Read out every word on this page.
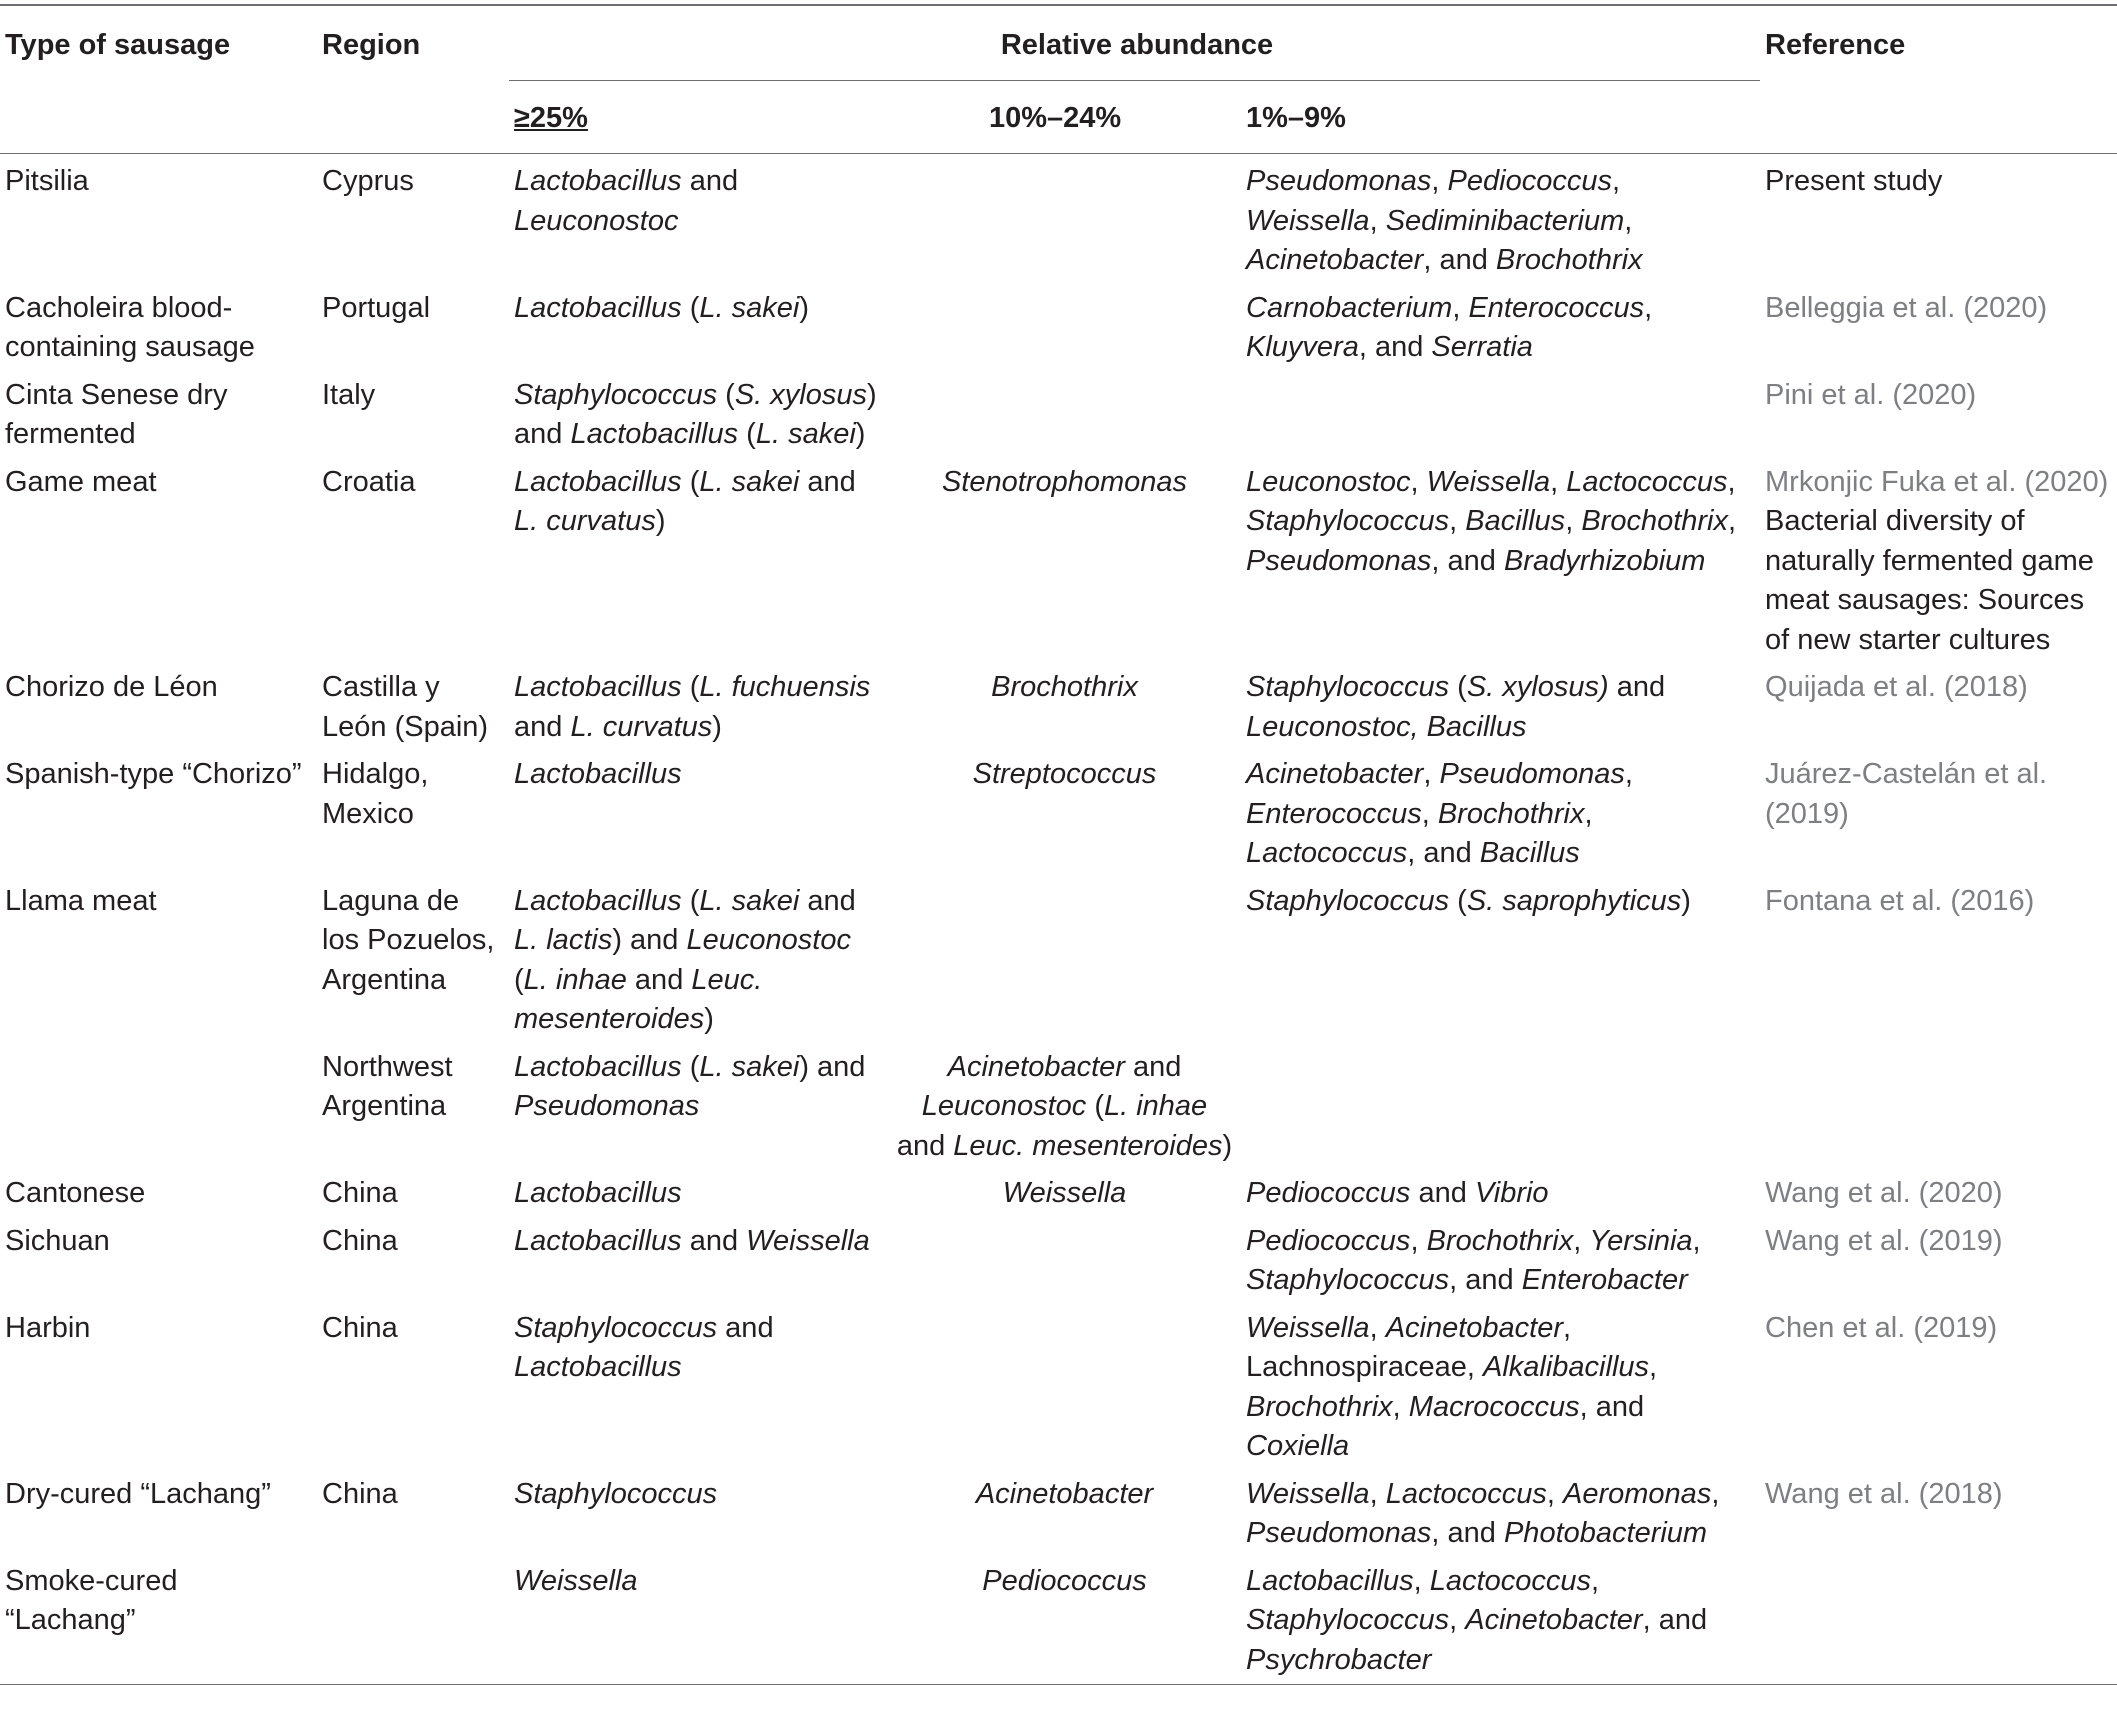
Type of sausage	Region	Relative abundance			Reference
		≥25%	10%–24%	1%–9%	
Pitsilia	Cyprus	Lactobacillus and Leuconostoc		Pseudomonas, Pediococcus, Weissella, Sediminibacterium, Acinetobacter, and Brochothrix	Present study
Cacholeira blood-containing sausage	Portugal	Lactobacillus (L. sakei)		Carnobacterium, Enterococcus, Kluyvera, and Serratia	Belleggia et al. (2020)
Cinta Senese dry fermented	Italy	Staphylococcus (S. xylosus) and Lactobacillus (L. sakei)			Pini et al. (2020)
Game meat	Croatia	Lactobacillus (L. sakei and L. curvatus)	Stenotrophomonas	Leuconostoc, Weissella, Lactococcus, Staphylococcus, Bacillus, Brochothrix, Pseudomonas, and Bradyrhizobium	Mrkonjic Fuka et al. (2020) Bacterial diversity of naturally fermented game meat sausages: Sources of new starter cultures
Chorizo de Léon	Castilla y León (Spain)	Lactobacillus (L. fuchuensis and L. curvatus)	Brochothrix	Staphylococcus (S. xylosus) and Leuconostoc, Bacillus	Quijada et al. (2018)
Spanish-type “Chorizo”	Hidalgo, Mexico	Lactobacillus	Streptococcus	Acinetobacter, Pseudomonas, Enterococcus, Brochothrix, Lactococcus, and Bacillus	Juárez-Castelán et al. (2019)
Llama meat	Laguna de los Pozuelos, Argentina	Lactobacillus (L. sakei and L. lactis) and Leuconostoc (L. inhae and Leuc. mesenteroides)		Staphylococcus (S. saprophyticus)	Fontana et al. (2016)
	Northwest Argentina	Lactobacillus (L. sakei) and Pseudomonas	Acinetobacter and Leuconostoc (L. inhae and Leuc. mesenteroides)		
Cantonese	China	Lactobacillus	Weissella	Pediococcus and Vibrio	Wang et al. (2020)
Sichuan	China	Lactobacillus and Weissella		Pediococcus, Brochothrix, Yersinia, Staphylococcus, and Enterobacter	Wang et al. (2019)
Harbin	China	Staphylococcus and Lactobacillus		Weissella, Acinetobacter, Lachnospiraceae, Alkalibacillus, Brochothrix, Macrococcus, and Coxiella	Chen et al. (2019)
Dry-cured “Lachang”	China	Staphylococcus	Acinetobacter	Weissella, Lactococcus, Aeromonas, Pseudomonas, and Photobacterium	Wang et al. (2018)
Smoke-cured “Lachang”		Weissella	Pediococcus	Lactobacillus, Lactococcus, Staphylococcus, Acinetobacter, and Psychrobacter	
